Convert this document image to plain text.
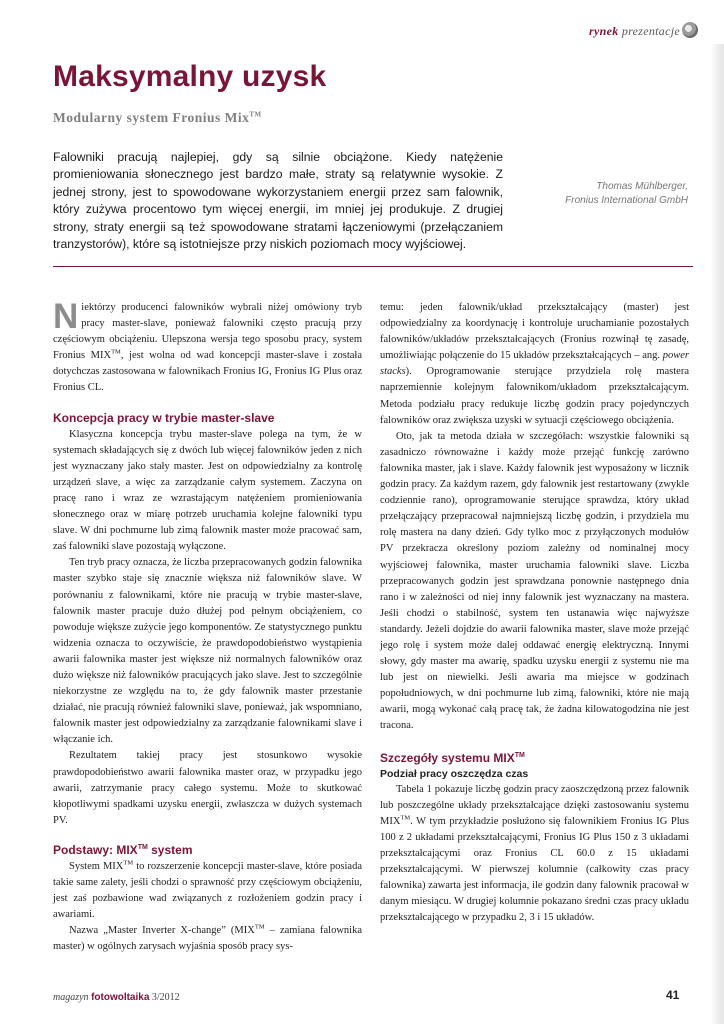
rynek prezentacje
Maksymalny uzysk
Modularny system Fronius Mix™
Falowniki pracują najlepiej, gdy są silnie obciążone. Kiedy natężenie promieniowania słonecznego jest bardzo małe, straty są relatywnie wysokie. Z jednej strony, jest to spowodowane wykorzystaniem energii przez sam falownik, który zużywa procentowo tym więcej energii, im mniej jej produkuje. Z drugiej strony, straty energii są też spowodowane stratami łączeniowymi (przełączaniem tranzystorów), które są istotniejsze przy niskich poziomach mocy wyjściowej.
Thomas Mühlberger,
Fronius International GmbH

Niektórzy producenci falowników wybrali niżej omówiony tryb pracy master-slave, ponieważ falowniki często pracują przy częściowym obciążeniu. Ulepszona wersja tego sposobu pracy, system Fronius MIX™, jest wolna od wad koncepcji master-slave i została dotychczas zastosowana w falownikach Fronius IG, Fronius IG Plus oraz Fronius CL.

Koncepcja pracy w trybie master-slave

Klasyczna koncepcja trybu master-slave polega na tym, że w systemach składających się z dwóch lub więcej falowników jeden z nich jest wyznaczany jako stały master. Jest on odpowiedzialny za kontrolę urządzeń slave, a więc za zarządzanie całym systemem. Zaczyna on pracę rano i wraz ze wzrastającym natężeniem promieniowania słonecznego oraz w miarę potrzeb uruchamia kolejne falowniki typu slave. W dni pochmurne lub zimą falownik master może pracować sam, zaś falowniki slave pozostają wyłączone.

Ten tryb pracy oznacza, że liczba przepracowanych godzin falownika master szybko staje się znacznie większa niż falowników slave. W porównaniu z falownikami, które nie pracują w trybie master-slave, falownik master pracuje dużo dłużej pod pełnym obciążeniem, co powoduje większe zużycie jego komponentów. Ze statystycznego punktu widzenia oznacza to oczywiście, że prawdopodobieństwo wystąpienia awarii falownika master jest większe niż normalnych falowników oraz dużo większe niż falowników pracujących jako slave. Jest to szczególnie niekorzystne ze względu na to, że gdy falownik master przestanie działać, nie pracują również falowniki slave, ponieważ, jak wspomniano, falownik master jest odpowiedzialny za zarządzanie falownikami slave i włączanie ich.

Rezultatem takiej pracy jest stosunkowo wysokie prawdopodobieństwo awarii falownika master oraz, w przypadku jego awarii, zatrzymanie pracy całego systemu. Może to skutkować kłopotliwymi spadkami uzysku energii, zwłaszcza w dużych systemach PV.

Podstawy: MIX™ system

System MIX™ to rozszerzenie koncepcji master-slave, które posiada takie same zalety, jeśli chodzi o sprawność przy częściowym obciążeniu, jest zaś pozbawione wad związanych z rozłożeniem godzin pracy i awariami.

Nazwa „Master Inverter X-change” (MIX™ – zamiana falownika master) w ogólnych zarysach wyjaśnia sposób pracy sys-

temu: jeden falownik/układ przekształcający (master) jest odpowiedzialny za koordynację i kontroluje uruchamianie pozostałych falowników/układów przekształcających (Fronius rozwinął tę zasadę, umożliwiając połączenie do 15 układów przekształcających – ang. power stacks). Oprogramowanie sterujące przydziela rolę mastera naprzemiennie kolejnym falownikom/układom przekształcającym. Metoda podziału pracy redukuje liczbę godzin pracy pojedynczych falowników oraz zwiększa uzyski w sytuacji częściowego obciążenia.

Oto, jak ta metoda działa w szczegółach: wszystkie falowniki są zasadniczo równoważne i każdy może przejąć funkcję zarówno falownika master, jak i slave. Każdy falownik jest wyposażony w licznik godzin pracy. Za każdym razem, gdy falownik jest restartowany (zwykle codziennie rano), oprogramowanie sterujące sprawdza, który układ przełączający przepracował najmniejszą liczbę godzin, i przydziela mu rolę mastera na dany dzień. Gdy tylko moc z przyłączonych modułów PV przekracza określony poziom zależny od nominalnej mocy wyjściowej falownika, master uruchamia falowniki slave. Liczba przepracowanych godzin jest sprawdzana ponownie następnego dnia rano i w zależności od niej inny falownik jest wyznaczany na mastera. Jeśli chodzi o stabilność, system ten ustanawia więc najwyższe standardy. Jeżeli dojdzie do awarii falownika master, slave może przejąć jego rolę i system może dalej oddawać energię elektryczną. Innymi słowy, gdy master ma awarię, spadku uzysku energii z systemu nie ma lub jest on niewielki. Jeśli awaria ma miejsce w godzinach popołudniowych, w dni pochmurne lub zimą, falowniki, które nie mają awarii, mogą wykonać całą pracę tak, że żadna kilowatogodzina nie jest tracona.

Szczegóły systemu MIX™
Podział pracy oszczędza czas

Tabela 1 pokazuje liczbę godzin pracy zaoszczędzoną przez falownik lub poszczególne układy przekształcające dzięki zastosowaniu systemu MIX™. W tym przykładzie posłużono się falownikiem Fronius IG Plus 100 z 2 układami przekształcającymi, Fronius IG Plus 150 z 3 układami przekształcającymi oraz Fronius CL 60.0 z 15 układami przekształcającymi. W pierwszej kolumnie (całkowity czas pracy falownika) zawarta jest informacja, ile godzin dany falownik pracował w danym miesiącu. W drugiej kolumnie pokazano średni czas pracy układu przekształcającego w przypadku 2, 3 i 15 układów.

magazyn fotowoltaika 3/2012	41
